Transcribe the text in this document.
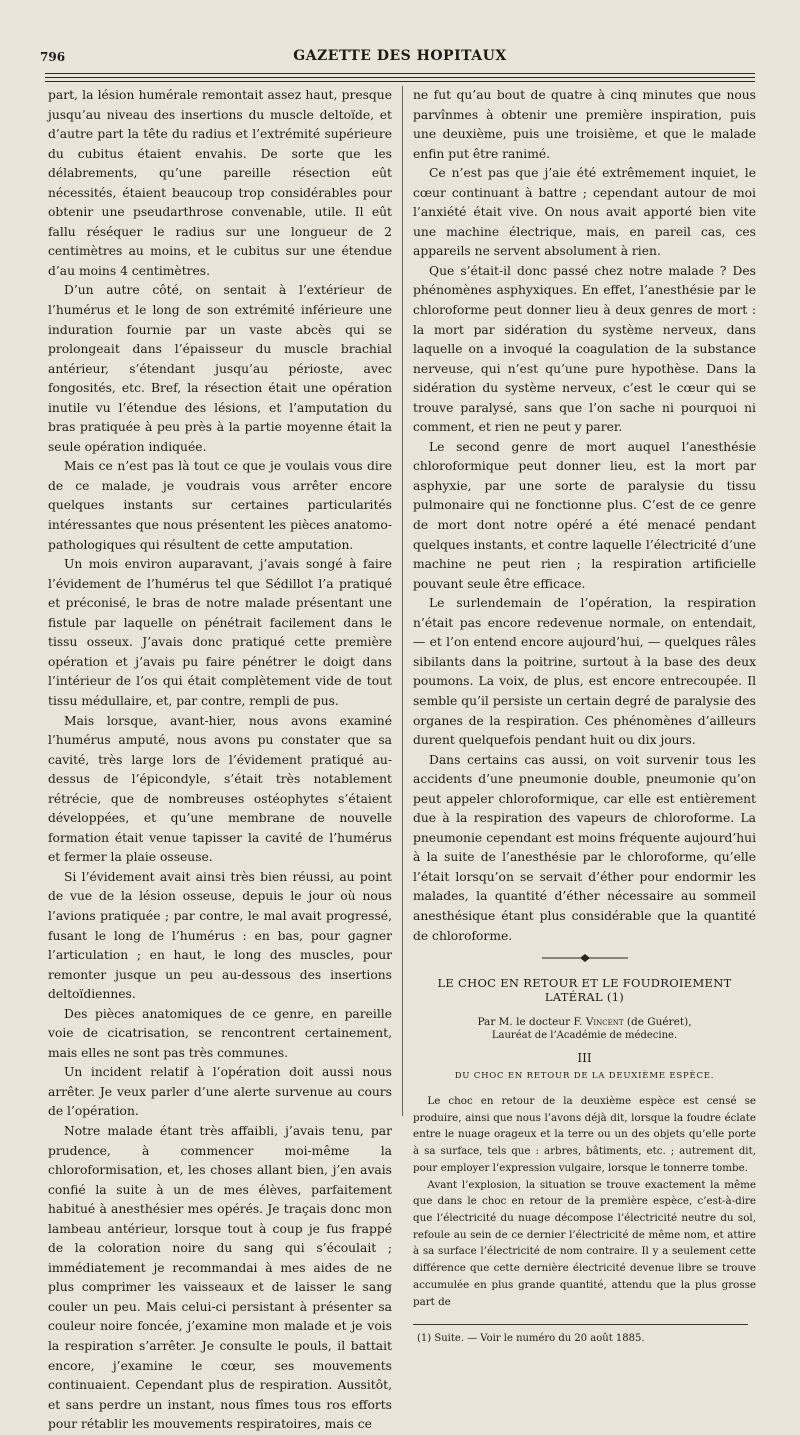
796	GAZETTE DES HOPITAUX

part, la lésion humérale remontait assez haut, presque jusqu’au niveau des insertions du muscle deltoïde, et d’autre part la tête du radius et l’extrémité supérieure du cubitus étaient envahis. De sorte que les délabrements, qu’une pareille résection eût nécessités, étaient beaucoup trop considérables pour obtenir une pseudarthrose convenable, utile. Il eût fallu réséquer le radius sur une longueur de 2 centimètres au moins, et le cubitus sur une étendue d’au moins 4 centimètres.

D’un autre côté, on sentait à l’extérieur de l’humérus et le long de son extrémité inférieure une induration fournie par un vaste abcès qui se prolongeait dans l’épaisseur du muscle brachial antérieur, s’étendant jusqu’au périoste, avec fongosités, etc. Bref, la résection était une opération inutile vu l’étendue des lésions, et l’amputation du bras pratiquée à peu près à la partie moyenne était la seule opération indiquée.

Mais ce n’est pas là tout ce que je voulais vous dire de ce malade, je voudrais vous arrêter encore quelques instants sur certaines particularités intéressantes que nous présentent les pièces anatomo-pathologiques qui résultent de cette amputation.

Un mois environ auparavant, j’avais songé à faire l’évidement de l’humérus tel que Sédillot l’a pratiqué et préconisé, le bras de notre malade présentant une fistule par laquelle on pénétrait facilement dans le tissu osseux. J’avais donc pratiqué cette première opération et j’avais pu faire pénétrer le doigt dans l’intérieur de l’os qui était complètement vide de tout tissu médullaire, et, par contre, rempli de pus.

Mais lorsque, avant-hier, nous avons examiné l’humérus amputé, nous avons pu constater que sa cavité, très large lors de l’évidement pratiqué au-dessus de l’épicondyle, s’était très notablement rétrécie, que de nombreuses ostéophytes s’étaient développées, et qu’une membrane de nouvelle formation était venue tapisser la cavité de l’humérus et fermer la plaie osseuse.

Si l’évidement avait ainsi très bien réussi, au point de vue de la lésion osseuse, depuis le jour où nous l’avions pratiquée ; par contre, le mal avait progressé, fusant le long de l’humérus : en bas, pour gagner l’articulation ; en haut, le long des muscles, pour remonter jusque un peu au-dessous des insertions deltoïdiennes.

Des pièces anatomiques de ce genre, en pareille voie de cicatrisation, se rencontrent certainement, mais elles ne sont pas très communes.

Un incident relatif à l’opération doit aussi nous arrêter. Je veux parler d’une alerte survenue au cours de l’opération.

Notre malade étant très affaibli, j’avais tenu, par prudence, à commencer moi-même la chloroformisation, et, les choses allant bien, j’en avais confié la suite à un de mes élèves, parfaitement habitué à anesthésier mes opérés. Je traçais donc mon lambeau antérieur, lorsque tout à coup je fus frappé de la coloration noire du sang qui s’écoulait ; immédiatement je recommandai à mes aides de ne plus comprimer les vaisseaux et de laisser le sang couler un peu. Mais celui-ci persistant à présenter sa couleur noire foncée, j’examine mon malade et je vois la respiration s’arrêter. Je consulte le pouls, il battait encore, j’examine le cœur, ses mouvements continuaient. Cependant plus de respiration. Aussitôt, et sans perdre un instant, nous fîmes tous ros efforts pour rétablir les mouvements respiratoires, mais ce

ne fut qu’au bout de quatre à cinq minutes que nous parvînmes à obtenir une première inspiration, puis une deuxième, puis une troisième, et que le malade enfin put être ranimé.

Ce n’est pas que j’aie été extrêmement inquiet, le cœur continuant à battre ; cependant autour de moi l’anxiété était vive. On nous avait apporté bien vite une machine électrique, mais, en pareil cas, ces appareils ne servent absolument à rien.

Que s’était-il donc passé chez notre malade ? Des phénomènes asphyxiques. En effet, l’anesthésie par le chloroforme peut donner lieu à deux genres de mort : la mort par sidération du système nerveux, dans laquelle on a invoqué la coagulation de la substance nerveuse, qui n’est qu’une pure hypothèse. Dans la sidération du système nerveux, c’est le cœur qui se trouve paralysé, sans que l’on sache ni pourquoi ni comment, et rien ne peut y parer.

Le second genre de mort auquel l’anesthésie chloroformique peut donner lieu, est la mort par asphyxie, par une sorte de paralysie du tissu pulmonaire qui ne fonctionne plus. C’est de ce genre de mort dont notre opéré a été menacé pendant quelques instants, et contre laquelle l’électricité d’une machine ne peut rien ; la respiration artificielle pouvant seule être efficace.

Le surlendemain de l’opération, la respiration n’était pas encore redevenue normale, on entendait, — et l’on entend encore aujourd’hui, — quelques râles sibilants dans la poitrine, surtout à la base des deux poumons. La voix, de plus, est encore entrecoupée. Il semble qu’il persiste un certain degré de paralysie des organes de la respiration. Ces phénomènes d’ailleurs durent quelquefois pendant huit ou dix jours.

Dans certains cas aussi, on voit survenir tous les accidents d’une pneumonie double, pneumonie qu’on peut appeler chloroformique, car elle est entièrement due à la respiration des vapeurs de chloroforme. La pneumonie cependant est moins fréquente aujourd’hui à la suite de l’anesthésie par le chloroforme, qu’elle l’était lorsqu’on se servait d’éther pour endormir les malades, la quantité d’éther nécessaire au sommeil anesthésique étant plus considérable que la quantité de chloroforme.

LE CHOC EN RETOUR ET LE FOUDROIEMENT LATÉRAL (1)

Par M. le docteur F. Vincent (de Guéret),

Lauréat de l’Académie de médecine.

III

DU CHOC EN RETOUR DE LA DEUXIÈME ESPÈCE.

Le choc en retour de la deuxième espèce est censé se produire, ainsi que nous l’avons déjà dit, lorsque la foudre éclate entre le nuage orageux et la terre ou un des objets qu’elle porte à sa surface, tels que : arbres, bâtiments, etc. ; autrement dit, pour employer l’expression vulgaire, lorsque le tonnerre tombe.

Avant l’explosion, la situation se trouve exactement la même que dans le choc en retour de la première espèce, c’est-à-dire que l’électricité du nuage décompose l’électricité neutre du sol, refoule au sein de ce dernier l’électricité de même nom, et attire à sa surface l’électricité de nom contraire. Il y a seulement cette différence que cette dernière électricité devenue libre se trouve accumulée en plus grande quantité, attendu que la plus grosse part de

(1) Suite. — Voir le numéro du 20 août 1885.
